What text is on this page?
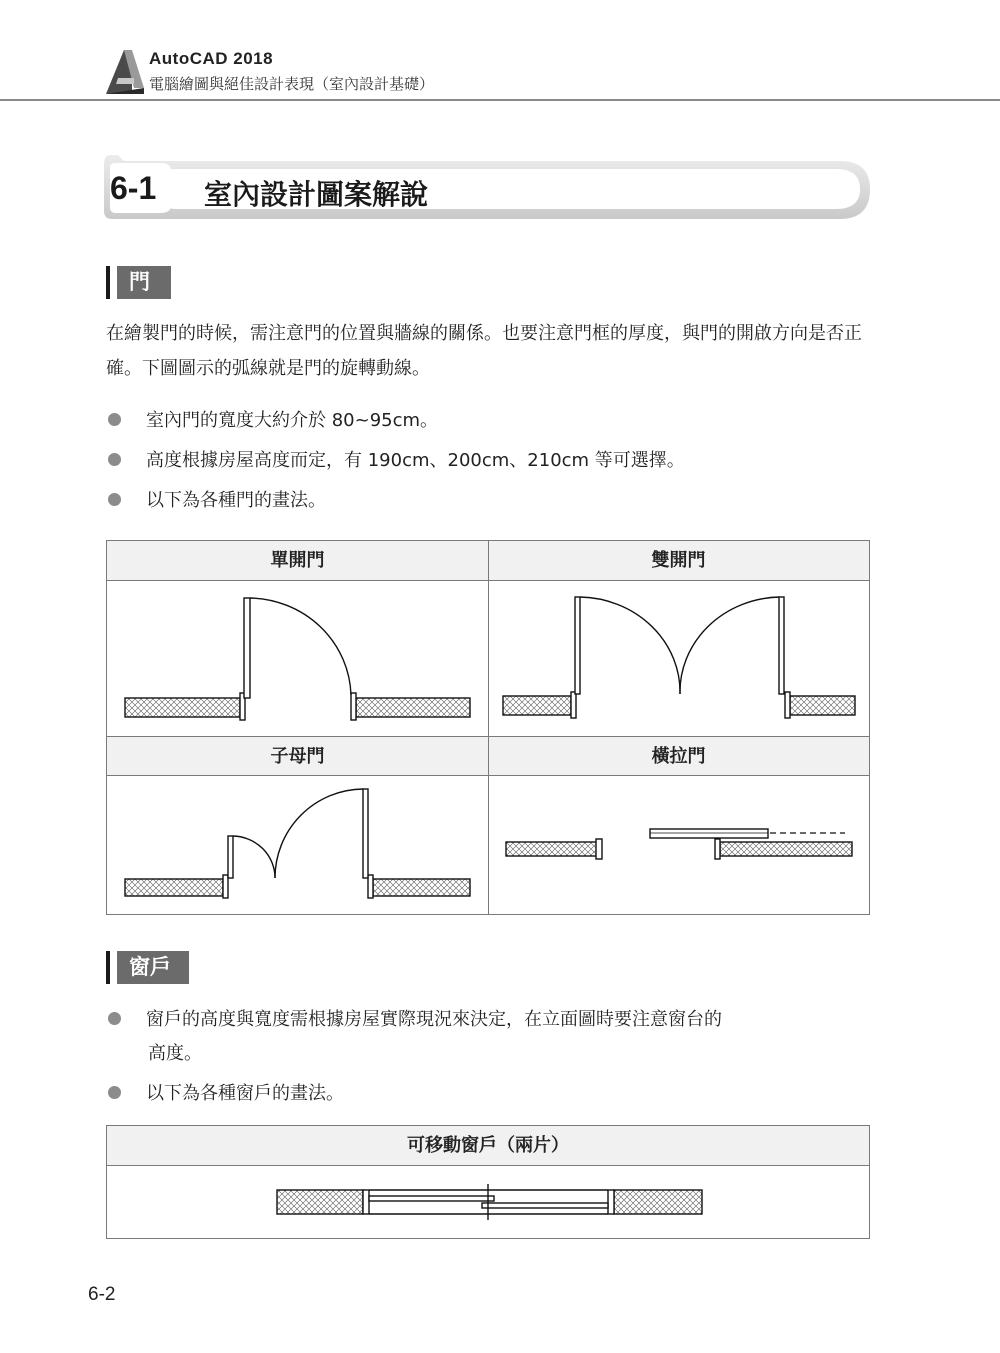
AutoCAD 2018
電腦繪圖與絕佳設計表現（室內設計基礎）
6-1 室內設計圖案解說
門
在繪製門的時候，需注意門的位置與牆線的關係。也要注意門框的厚度，與門的開啟方向是否正確。下圖圖示的弧線就是門的旋轉動線。
室內門的寬度大約介於 80~95cm。
高度根據房屋高度而定，有 190cm、200cm、210cm 等可選擇。
以下為各種門的畫法。
單開門	雙開門
子母門	橫拉門
窗戶
窗戶的高度與寬度需根據房屋實際現況來決定，在立面圖時要注意窗台的
高度。
以下為各種窗戶的畫法。
可移動窗戶（兩片）
6-2
